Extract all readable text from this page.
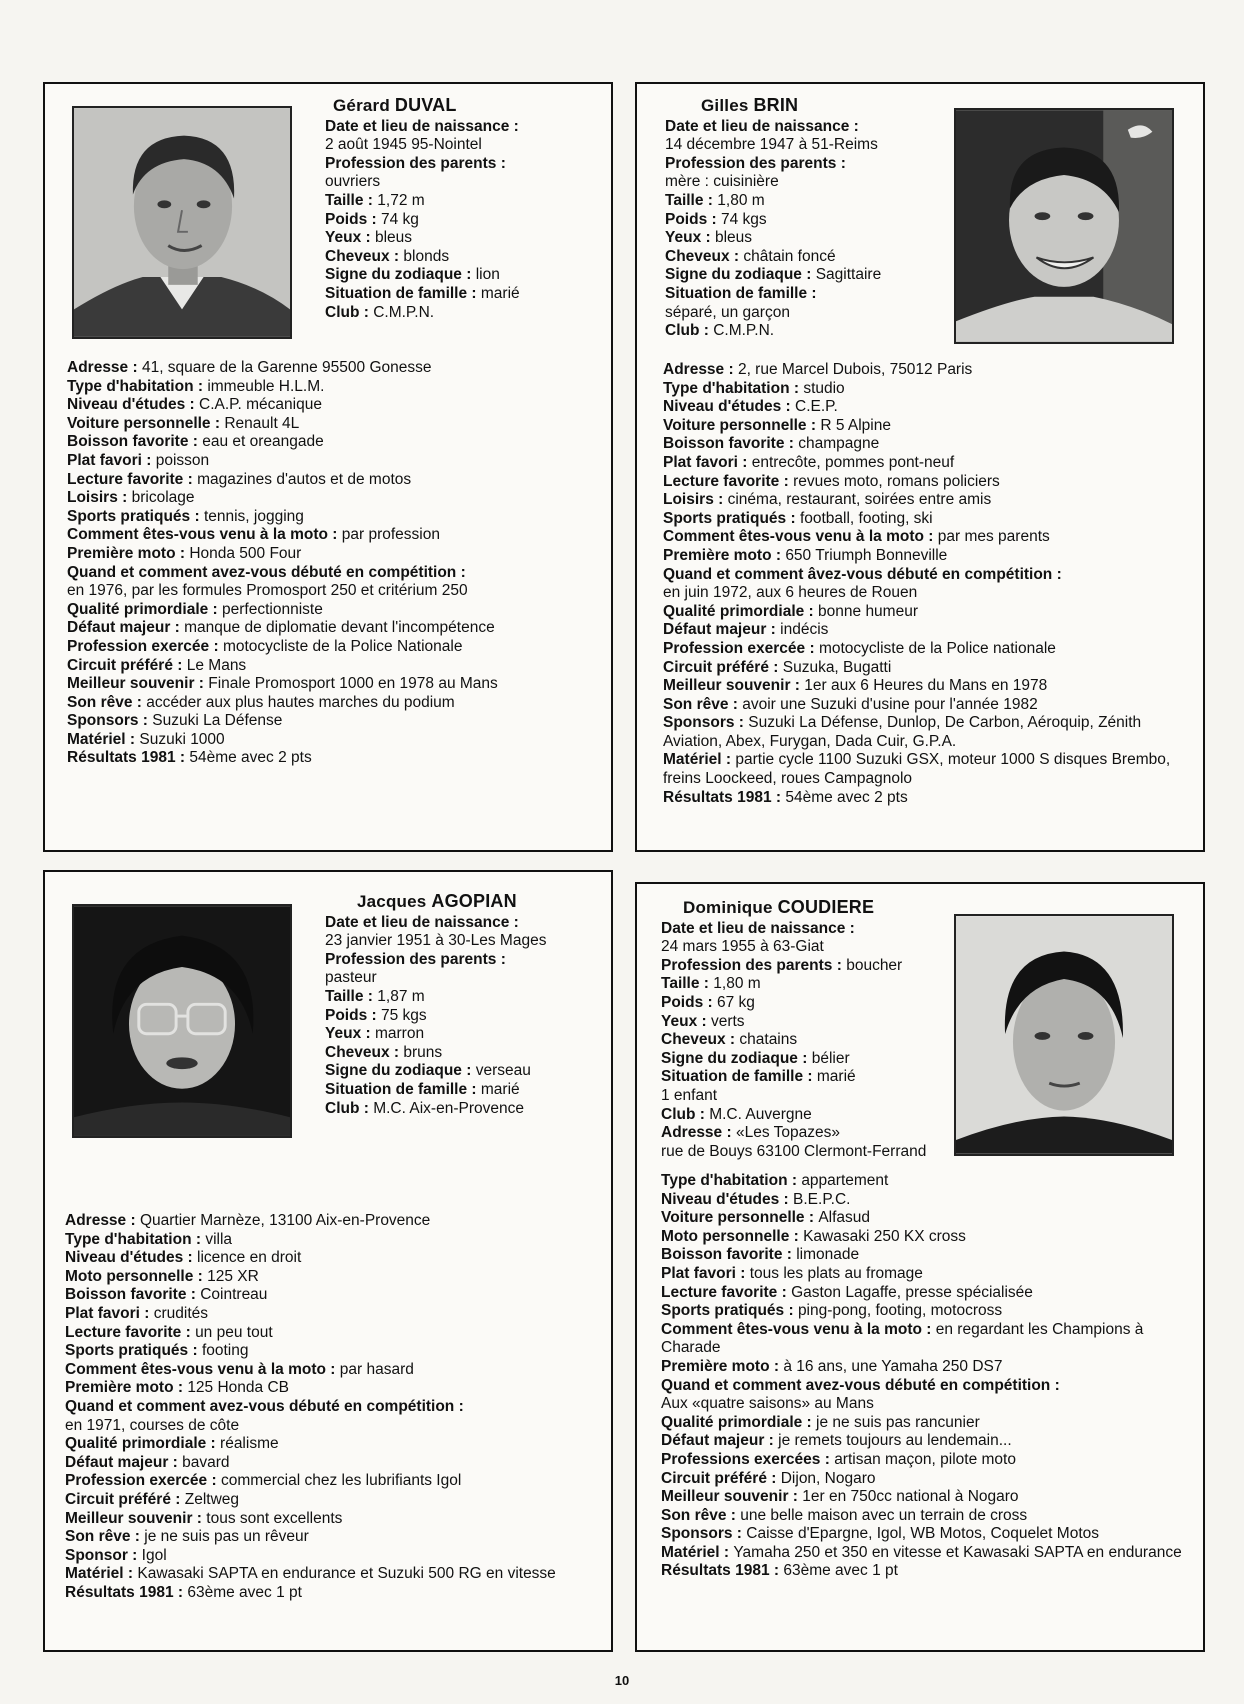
Gérard DUVAL

Date et lieu de naissance :

2 août 1945 95-Nointel

Profession des parents :

ouvriers

Taille : 1,72 m

Poids : 74 kg

Yeux : bleus

Cheveux : blonds

Signe du zodiaque : lion

Situation de famille : marié

Club : C.M.P.N.

Adresse : 41, square de la Garenne 95500 Gonesse

Type d'habitation : immeuble H.L.M.

Niveau d'études : C.A.P. mécanique

Voiture personnelle : Renault 4L

Boisson favorite : eau et oreangade

Plat favori : poisson

Lecture favorite : magazines d'autos et de motos

Loisirs : bricolage

Sports pratiqués : tennis, jogging

Comment êtes-vous venu à la moto : par profession

Première moto : Honda 500 Four

Quand et comment avez-vous débuté en compétition :

en 1976, par les formules Promosport 250 et critérium 250

Qualité primordiale : perfectionniste

Défaut majeur : manque de diplomatie devant l'incompétence

Profession exercée : motocycliste de la Police Nationale

Circuit préféré : Le Mans

Meilleur souvenir : Finale Promosport 1000 en 1978 au Mans

Son rêve : accéder aux plus hautes marches du podium

Sponsors : Suzuki La Défense

Matériel : Suzuki 1000

Résultats 1981 : 54ème avec 2 pts

Gilles BRIN

Date et lieu de naissance :

14 décembre 1947 à 51-Reims

Profession des parents :

mère : cuisinière

Taille : 1,80 m

Poids : 74 kgs

Yeux : bleus

Cheveux : châtain foncé

Signe du zodiaque : Sagittaire

Situation de famille :

séparé, un garçon

Club : C.M.P.N.

Adresse : 2, rue Marcel Dubois, 75012 Paris

Type d'habitation : studio

Niveau d'études : C.E.P.

Voiture personnelle : R 5 Alpine

Boisson favorite : champagne

Plat favori : entrecôte, pommes pont-neuf

Lecture favorite : revues moto, romans policiers

Loisirs : cinéma, restaurant, soirées entre amis

Sports pratiqués : football, footing, ski

Comment êtes-vous venu à la moto : par mes parents

Première moto : 650 Triumph Bonneville

Quand et comment âvez-vous débuté en compétition :

en juin 1972, aux 6 heures de Rouen

Qualité primordiale : bonne humeur

Défaut majeur : indécis

Profession exercée : motocycliste de la Police nationale

Circuit préféré : Suzuka, Bugatti

Meilleur souvenir : 1er aux 6 Heures du Mans en 1978

Son rêve : avoir une Suzuki d'usine pour l'année 1982

Sponsors : Suzuki La Défense, Dunlop, De Carbon, Aéroquip, Zénith Aviation, Abex, Furygan, Dada Cuir, G.P.A.

Matériel : partie cycle 1100 Suzuki GSX, moteur 1000 S disques Brembo, freins Loockeed, roues Campagnolo

Résultats 1981 : 54ème avec 2 pts

Jacques AGOPIAN

Date et lieu de naissance :

23 janvier 1951 à 30-Les Mages

Profession des parents :

pasteur

Taille : 1,87 m

Poids : 75 kgs

Yeux : marron

Cheveux : bruns

Signe du zodiaque : verseau

Situation de famille : marié

Club : M.C. Aix-en-Provence

Adresse : Quartier Marnèze, 13100 Aix-en-Provence

Type d'habitation : villa

Niveau d'études : licence en droit

Moto personnelle : 125 XR

Boisson favorite : Cointreau

Plat favori : crudités

Lecture favorite : un peu tout

Sports pratiqués : footing

Comment êtes-vous venu à la moto : par hasard

Première moto : 125 Honda CB

Quand et comment avez-vous débuté en compétition :

en 1971, courses de côte

Qualité primordiale : réalisme

Défaut majeur : bavard

Profession exercée : commercial chez les lubrifiants Igol

Circuit préféré : Zeltweg

Meilleur souvenir : tous sont excellents

Son rêve : je ne suis pas un rêveur

Sponsor : Igol

Matériel : Kawasaki SAPTA en endurance et Suzuki 500 RG en vitesse

Résultats 1981 : 63ème avec 1 pt

Dominique COUDIERE

Date et lieu de naissance :

24 mars 1955 à 63-Giat

Profession des parents : boucher

Taille : 1,80 m

Poids : 67 kg

Yeux : verts

Cheveux : chatains

Signe du zodiaque : bélier

Situation de famille : marié

1 enfant

Club : M.C. Auvergne

Adresse : «Les Topazes»

rue de Bouys 63100 Clermont-Ferrand

Type d'habitation : appartement

Niveau d'études : B.E.P.C.

Voiture personnelle : Alfasud

Moto personnelle : Kawasaki 250 KX cross

Boisson favorite : limonade

Plat favori : tous les plats au fromage

Lecture favorite : Gaston Lagaffe, presse spécialisée

Sports pratiqués : ping-pong, footing, motocross

Comment êtes-vous venu à la moto : en regardant les Champions à Charade

Première moto : à 16 ans, une Yamaha 250 DS7

Quand et comment avez-vous débuté en compétition :

Aux «quatre saisons» au Mans

Qualité primordiale : je ne suis pas rancunier

Défaut majeur : je remets toujours au lendemain...

Professions exercées : artisan maçon, pilote moto

Circuit préféré : Dijon, Nogaro

Meilleur souvenir : 1er en 750cc national à Nogaro

Son rêve : une belle maison avec un terrain de cross

Sponsors : Caisse d'Epargne, Igol, WB Motos, Coquelet Motos

Matériel : Yamaha 250 et 350 en vitesse et Kawasaki SAPTA en endurance

Résultats 1981 : 63ème avec 1 pt

10
